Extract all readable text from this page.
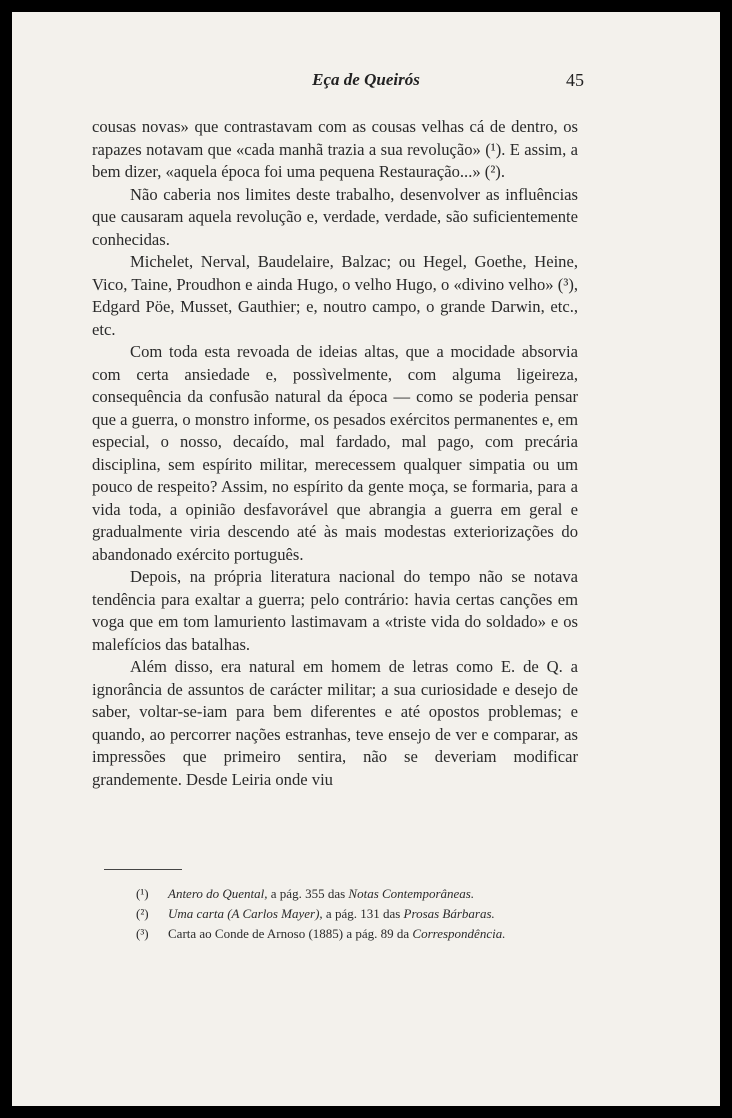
Eça de Queirós	45

cousas novas» que contrastavam com as cousas velhas cá de dentro, os rapazes notavam que «cada manhã trazia a sua revolução» (¹). E assim, a bem dizer, «aquela época foi uma pequena Restauração...» (²).

Não caberia nos limites deste trabalho, desenvolver as influências que causaram aquela revolução e, verdade, verdade, são suficientemente conhecidas.

Michelet, Nerval, Baudelaire, Balzac; ou Hegel, Goethe, Heine, Vico, Taine, Proudhon e ainda Hugo, o velho Hugo, o «divino velho» (³), Edgard Pöe, Musset, Gauthier; e, noutro campo, o grande Darwin, etc., etc.

Com toda esta revoada de ideias altas, que a mocidade absorvia com certa ansiedade e, possìvelmente, com alguma ligeireza, consequência da confusão natural da época — como se poderia pensar que a guerra, o monstro informe, os pesados exércitos permanentes e, em especial, o nosso, decaído, mal fardado, mal pago, com precária disciplina, sem espírito militar, merecessem qualquer simpatia ou um pouco de respeito? Assim, no espírito da gente moça, se formaria, para a vida toda, a opinião desfavorável que abrangia a guerra em geral e gradualmente viria descendo até às mais modestas exteriorizações do abandonado exército português.

Depois, na própria literatura nacional do tempo não se notava tendência para exaltar a guerra; pelo contrário: havia certas canções em voga que em tom lamuriento lastimavam a «triste vida do soldado» e os malefícios das batalhas.

Além disso, era natural em homem de letras como E. de Q. a ignorância de assuntos de carácter militar; a sua curiosidade e desejo de saber, voltar-se-iam para bem diferentes e até opostos problemas; e quando, ao percorrer nações estranhas, teve ensejo de ver e comparar, as impressões que primeiro sentira, não se deveriam modificar grandemente. Desde Leiria onde viu

(¹) Antero do Quental, a pág. 355 das Notas Contemporâneas.
(²) Uma carta (A Carlos Mayer), a pág. 131 das Prosas Bárbaras.
(³) Carta ao Conde de Arnoso (1885) a pág. 89 da Correspondência.
